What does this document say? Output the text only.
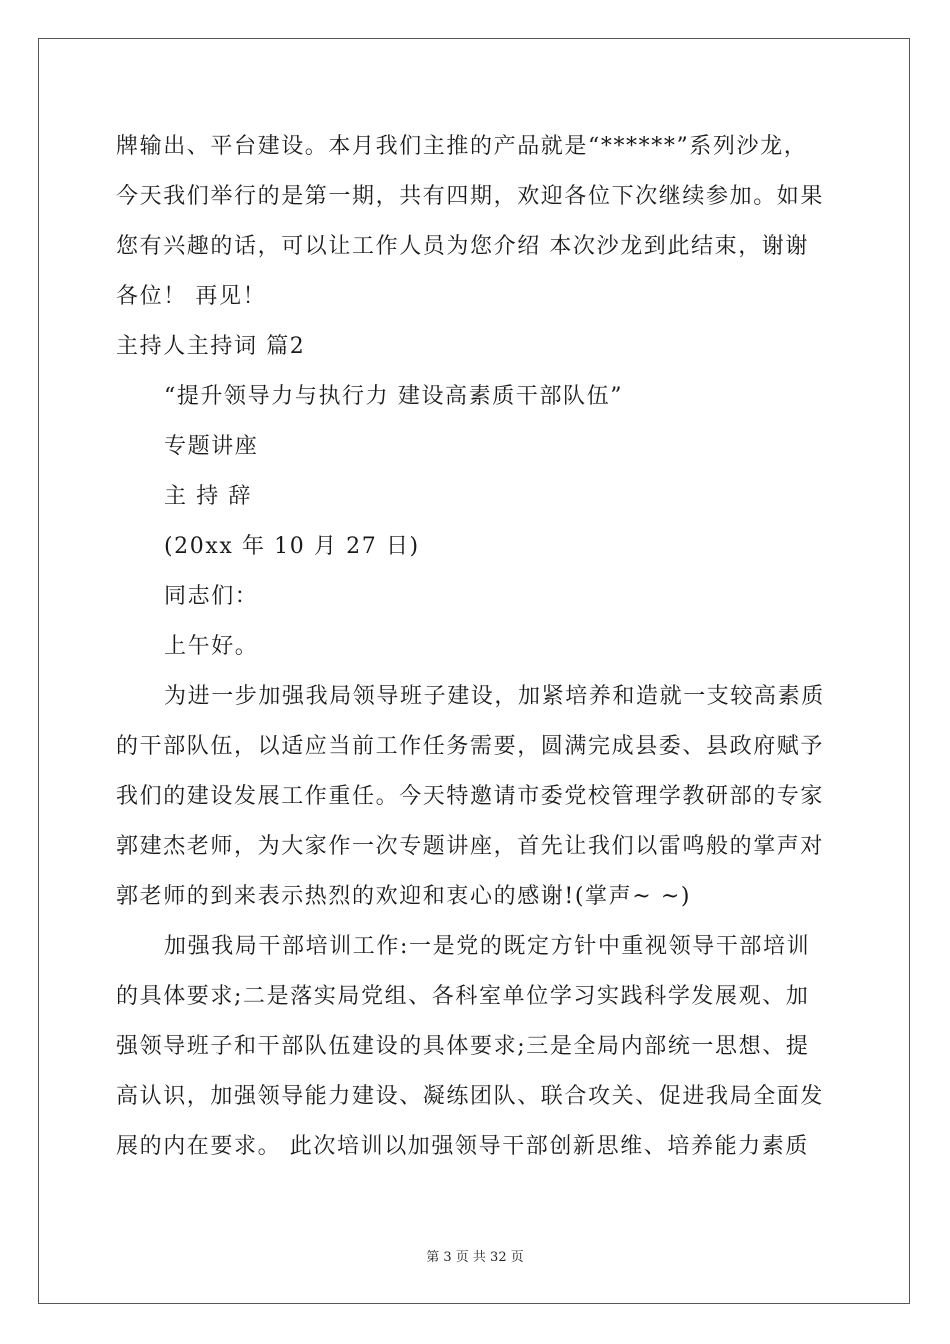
牌输出、平台建设。本月我们主推的产品就是“******”系列沙龙，
今天我们举行的是第一期，共有四期，欢迎各位下次继续参加。如果
您有兴趣的话，可以让工作人员为您介绍 本次沙龙到此结束，谢谢
各位！ 再见！
主持人主持词 篇2
“提升领导力与执行力 建设高素质干部队伍”
专题讲座
主 持 辞
(20xx 年 10 月 27 日)
同志们：
上午好。
为进一步加强我局领导班子建设，加紧培养和造就一支较高素质
的干部队伍，以适应当前工作任务需要，圆满完成县委、县政府赋予
我们的建设发展工作重任。今天特邀请市委党校管理学教研部的专家
郭建杰老师，为大家作一次专题讲座，首先让我们以雷鸣般的掌声对
郭老师的到来表示热烈的欢迎和衷心的感谢!(掌声~ ~)
加强我局干部培训工作:一是党的既定方针中重视领导干部培训
的具体要求;二是落实局党组、各科室单位学习实践科学发展观、加
强领导班子和干部队伍建设的具体要求;三是全局内部统一思想、提
高认识，加强领导能力建设、凝练团队、联合攻关、促进我局全面发
展的内在要求。 此次培训以加强领导干部创新思维、培养能力素质
第 3 页 共 32 页
